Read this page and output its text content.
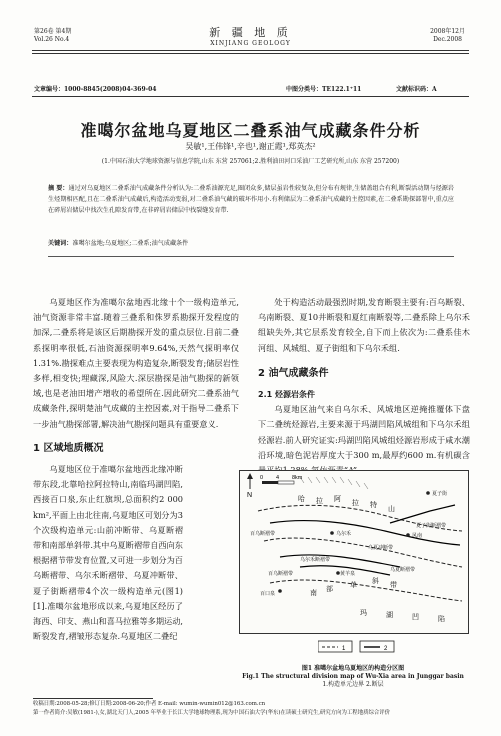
第26卷 第4期
Vol.26 No.4
新 疆 地 质
XINJIANG GEOLOGY
2008年12月
Dec.2008
文章编号：1000-8845(2008)04-369-04	中图分类号：TE122.1⁺11	文献标识码：A
准噶尔盆地乌夏地区二叠系油气成藏条件分析
吴敏¹,王伟锋¹,辛也¹,谢正霞¹,郑英杰²
(1.中国石油大学地球资源与信息学院,山东 东营 257061;2.胜利油田河口采油厂工艺研究所,山东 东营 257200)
摘 要：通过对乌夏地区二叠系油气成藏条件分析认为:二叠系油源充足,圈闭众多,储层虽岩性较复杂,但分布有规律,生储盖组合有利,断裂活动期与烃源岩生烃期相匹配,且在二叠系油气成藏后,构造活动变弱,对二叠系油气藏的破坏作用小.有利储层为二叠系油气成藏的主控因素,在二叠系勘探部署中,重点应在碎屑岩储层中找次生孔隙发育带,在非碎屑岩储层中找裂缝发育带.
关键词：准噶尔盆地;乌夏地区;二叠系;油气成藏条件

乌夏地区作为准噶尔盆地西北缘十个一级构造单元,油气资源非常丰富.随着三叠系和侏罗系勘探开发程度的加深,二叠系将是该区后期勘探开发的重点层位.目前二叠系探明率很低,石油资源探明率9.64%,天然气探明率仅1.31%.勘探难点主要表现为构造复杂,断裂发育;储层岩性多样,相变快;埋藏深,风险大.深层勘探是油气勘探的新领域,也是老油田增产增收的希望所在.因此研究二叠系油气成藏条件,探明楚油气成藏的主控因素,对于指导二叠系下一步油气勘探部署,解决油气勘探问题具有重要意义.

1 区域地质概况

乌夏地区位于准噶尔盆地西北缘冲断带东段,北靠哈拉阿拉特山,南临玛湖凹陷,西接百口泉,东止红旗坝,总面积约2 000 km²,平面上由北往南,乌夏地区可划分为3个次级构造单元:山前冲断带、乌夏断褶带和南部单斜带.其中乌夏断褶带自西向东根据褶节带发育位置,又可进一步划分为百乌断褶带、乌尔禾断褶带、乌夏冲断带、夏子街断褶带4个次一级构造单元(图1)[1].准噶尔盆地形成以来,乌夏地区经历了海西、印支、燕山和喜马拉雅等多期运动,断裂发育,褶皱形态复杂.乌夏地区二叠纪

处于构造活动最强烈时期,发育断裂主要有:百乌断裂、乌南断裂、夏10井断裂和夏红南断裂等,二叠系除上乌尔禾组缺失外,其它层系发育较全,自下而上依次为:二叠系佳木河组、风城组、夏子街组和下乌尔禾组.

2 油气成藏条件
2.1 烃源岩条件

乌夏地区油气来自乌尔禾、风城地区逆掩推覆体下盘下二叠统烃源岩,主要来源于玛湖凹陷风城组和下乌尔禾组烃源岩.前人研究证实:玛湖凹陷风城组烃源岩形成于咸水潮沿环境,暗色泥岩厚度大于300 m,最厚约600 m.有机碳含

N
0 4 8km
哈 拉 阿 拉 特 山
夏子街
夏子街断褶带
百乌断褶带	乌尔禾
乌尔禾断褶带
乌夏冲断带
乌夏断褶带
南 部 单 斜 带
玛	湖	凹	陷
百乌断褶带	黄羊泉
百口泉
风南
1	2
图1 准噶尔盆地乌夏地区的构造分区图
Fig.1 The structural division map of Wu-Xia area in Junggar basin
1.构造单元边界 2.断层
收稿日期:2008-05-28;修订日期:2008-06-20;作者 E-mail: wumin-wumin012@163.com.cn
第一作者简介:吴敏(1981-),女,湖北天门人,2005 年毕业于长江大学地球物理系,现为中国石油大学(华东)在读硕士研究生,研究方向为工程地质综合评价
